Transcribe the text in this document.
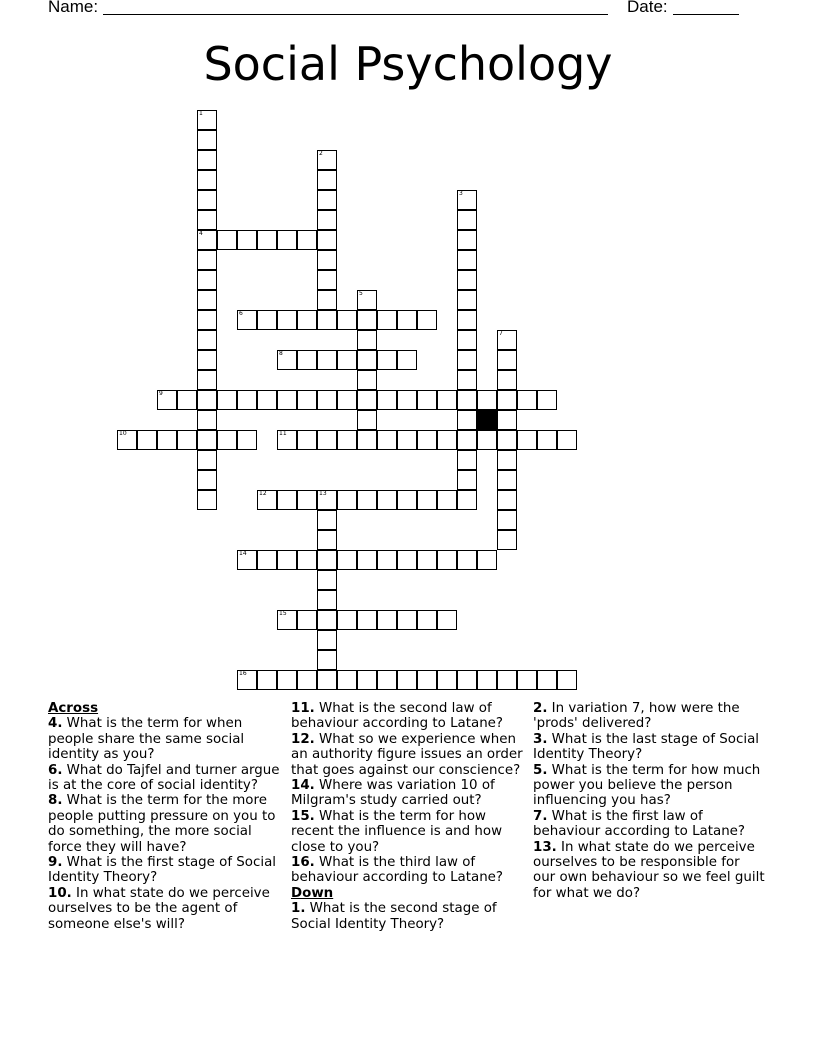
Name:	Date:
Social Psychology
1
4
2
3
5
6
7
8
9
10	11
12	13
14
15
16
Across
4. What is the term for when people share the same social identity as you?
6. What do Tajfel and turner argue is at the core of social identity?
8. What is the term for the more people putting pressure on you to do something, the more social force they will have?
9. What is the first stage of Social Identity Theory?
10. In what state do we perceive ourselves to be the agent of someone else's will?
11. What is the second law of behaviour according to Latane?
12. What so we experience when an authority figure issues an order that goes against our conscience?
14. Where was variation 10 of Milgram's study carried out?
15. What is the term for how recent the influence is and how close to you?
16. What is the third law of behaviour according to Latane?
Down
1. What is the second stage of Social Identity Theory?
2. In variation 7, how were the 'prods' delivered?
3. What is the last stage of Social Identity Theory?
5. What is the term for how much power you believe the person influencing you has?
7. What is the first law of behaviour according to Latane?
13. In what state do we perceive ourselves to be responsible for our own behaviour so we feel guilt for what we do?
